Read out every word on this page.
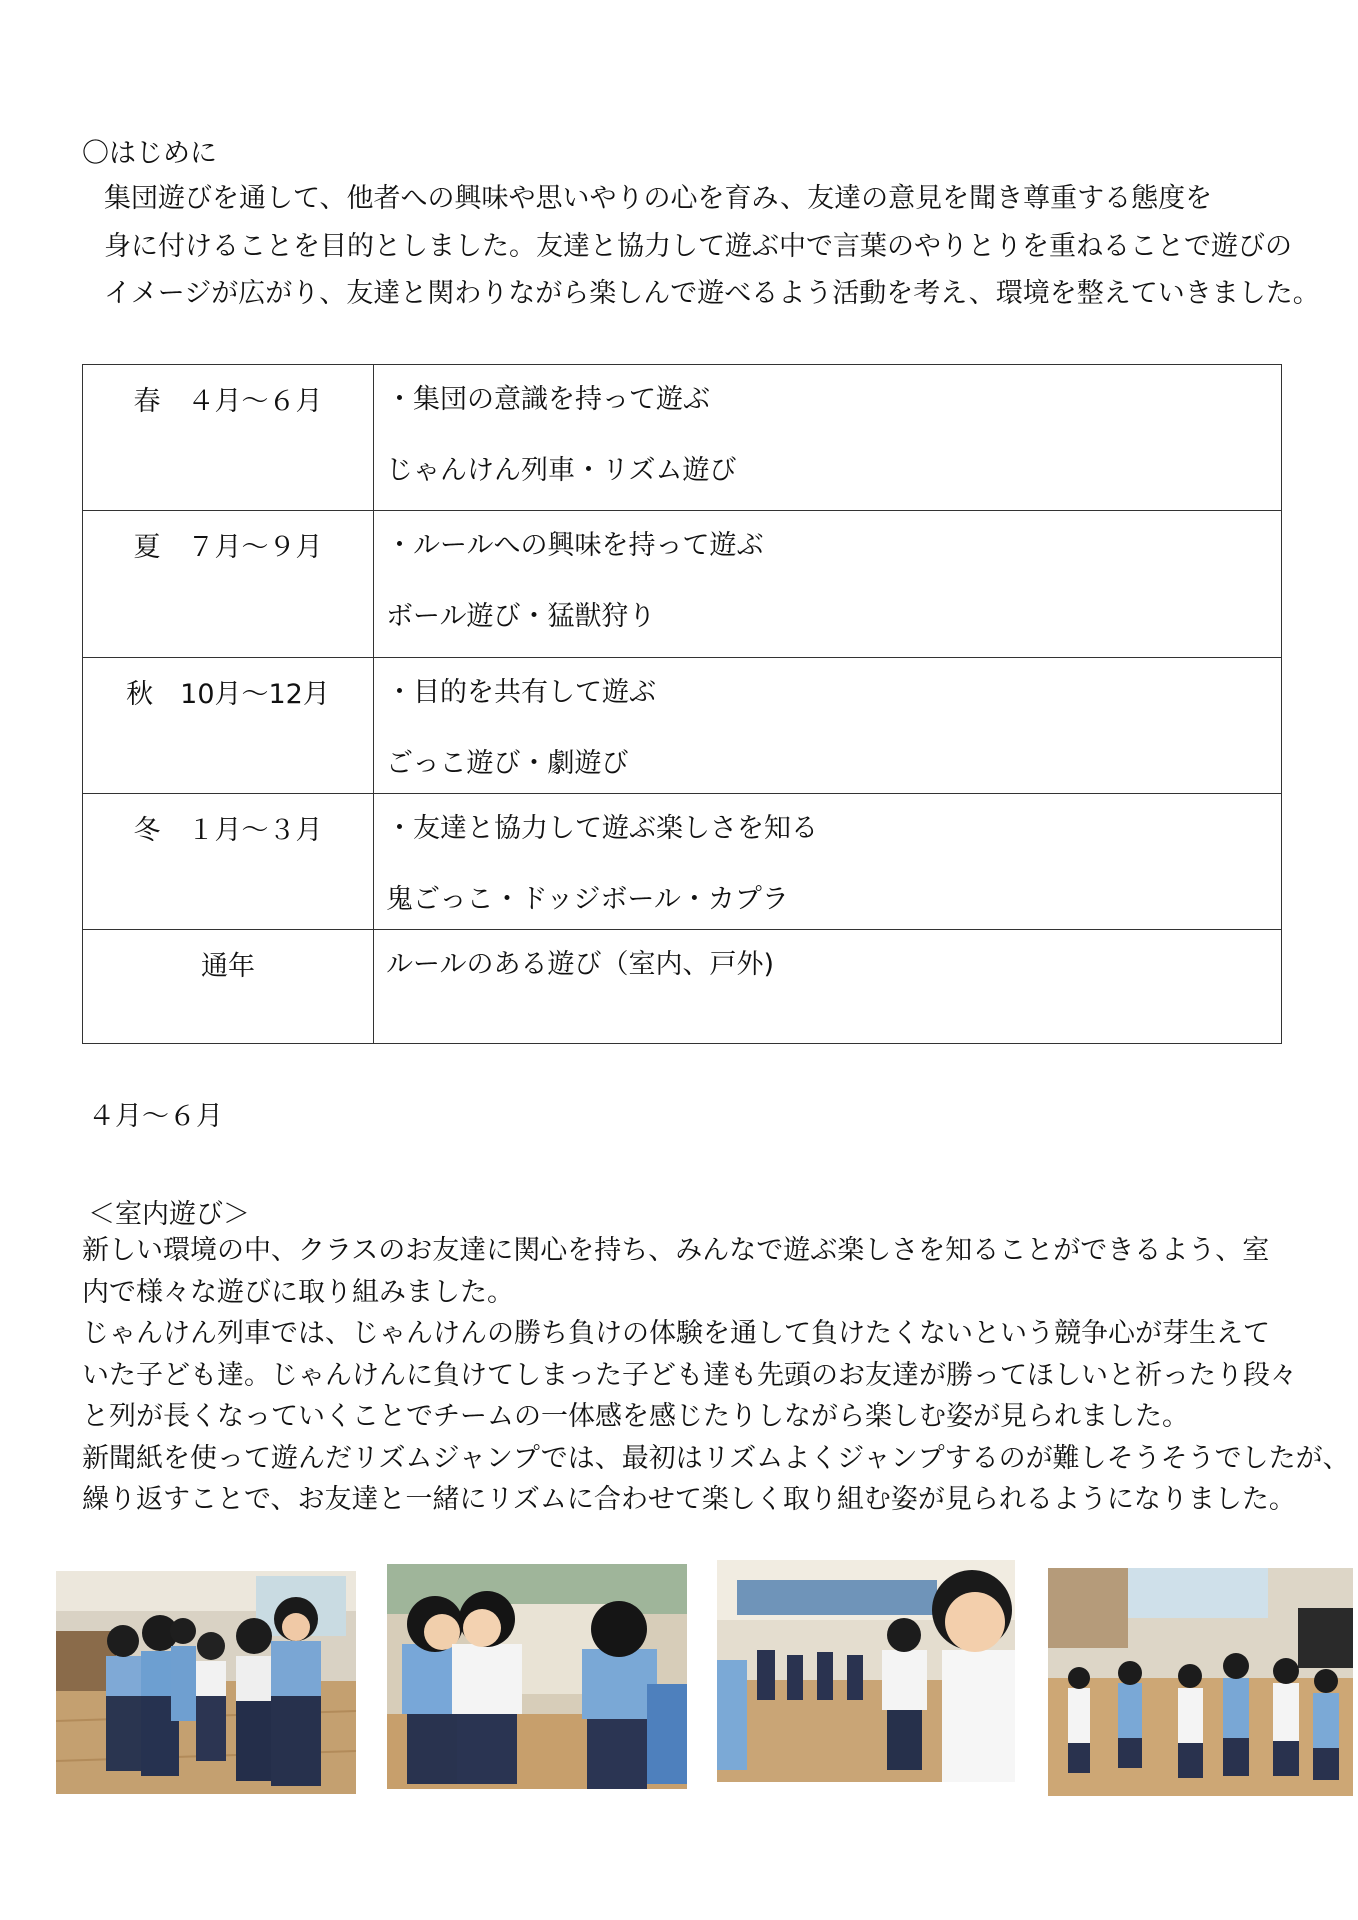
〇はじめに

集団遊びを通して、他者への興味や思いやりの心を育み、友達の意見を聞き尊重する態度を

身に付けることを目的としました。友達と協力して遊ぶ中で言葉のやりとりを重ねることで遊びの

イメージが広がり、友達と関わりながら楽しんで遊べるよう活動を考え、環境を整えていきました。

春　４月～６月	・集団の意識を持って遊ぶ
じゃんけん列車・リズム遊び

夏　７月～９月	・ルールへの興味を持って遊ぶ
ボール遊び・猛獣狩り

秋　10月～12月	・目的を共有して遊ぶ
ごっこ遊び・劇遊び

冬　１月～３月	・友達と協力して遊ぶ楽しさを知る
鬼ごっこ・ドッジボール・カプラ

通年	ルールのある遊び（室内、戸外)
４月～６月
＜室内遊び＞

新しい環境の中、クラスのお友達に関心を持ち、みんなで遊ぶ楽しさを知ることができるよう、室

内で様々な遊びに取り組みました。

じゃんけん列車では、じゃんけんの勝ち負けの体験を通して負けたくないという競争心が芽生えて

いた子ども達。じゃんけんに負けてしまった子ども達も先頭のお友達が勝ってほしいと祈ったり段々

と列が長くなっていくことでチームの一体感を感じたりしながら楽しむ姿が見られました。

新聞紙を使って遊んだリズムジャンプでは、最初はリズムよくジャンプするのが難しそうそうでしたが、

繰り返すことで、お友達と一緒にリズムに合わせて楽しく取り組む姿が見られるようになりました。
